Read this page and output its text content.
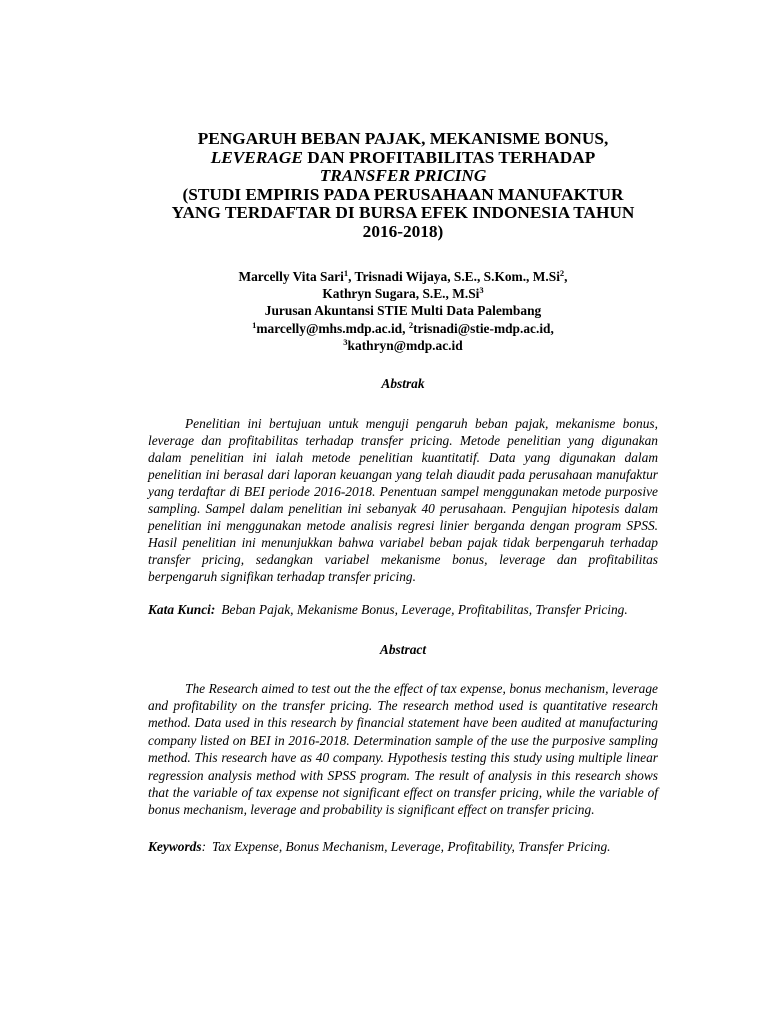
PENGARUH BEBAN PAJAK, MEKANISME BONUS,
LEVERAGE DAN PROFITABILITAS TERHADAP
TRANSFER PRICING
(STUDI EMPIRIS PADA PERUSAHAAN MANUFAKTUR
YANG TERDAFTAR DI BURSA EFEK INDONESIA TAHUN
2016-2018)
Marcelly Vita Sari$^1$, Trisnadi Wijaya, S.E., S.Kom., M.Si$^2$,
Kathryn Sugara, S.E., M.Si$^3$
Jurusan Akuntansi STIE Multi Data Palembang
$^1$marcelly@mhs.mdp.ac.id, $^2$trisnadi@stie-mdp.ac.id,
$^3$kathryn@mdp.ac.id

Abstrak

Penelitian ini bertujuan untuk menguji pengaruh beban pajak, mekanisme bonus, leverage dan profitabilitas terhadap transfer pricing. Metode penelitian yang digunakan dalam penelitian ini ialah metode penelitian kuantitatif. Data yang digunakan dalam penelitian ini berasal dari laporan keuangan yang telah diaudit pada perusahaan manufaktur yang terdaftar di BEI periode 2016-2018. Penentuan sampel menggunakan metode purposive sampling. Sampel dalam penelitian ini sebanyak 40 perusahaan. Pengujian hipotesis dalam penelitian ini menggunakan metode analisis regresi linier berganda dengan program SPSS. Hasil penelitian ini menunjukkan bahwa variabel beban pajak tidak berpengaruh terhadap transfer pricing, sedangkan variabel mekanisme bonus, leverage dan profitabilitas berpengaruh signifikan terhadap transfer pricing.

Kata Kunci: Beban Pajak, Mekanisme Bonus, Leverage, Profitabilitas, Transfer Pricing.

Abstract

The Research aimed to test out the the effect of tax expense, bonus mechanism, leverage and profitability on the transfer pricing. The research method used is quantitative research method. Data used in this research by financial statement have been audited at manufacturing company listed on BEI in 2016-2018. Determination sample of the use the purposive sampling method. This research have as 40 company. Hypothesis testing this study using multiple linear regression analysis method with SPSS program. The result of analysis in this research shows that the variable of tax expense not significant effect on transfer pricing, while the variable of bonus mechanism, leverage and probability is significant effect on transfer pricing.

Keywords: Tax Expense, Bonus Mechanism, Leverage, Profitability, Transfer Pricing.
